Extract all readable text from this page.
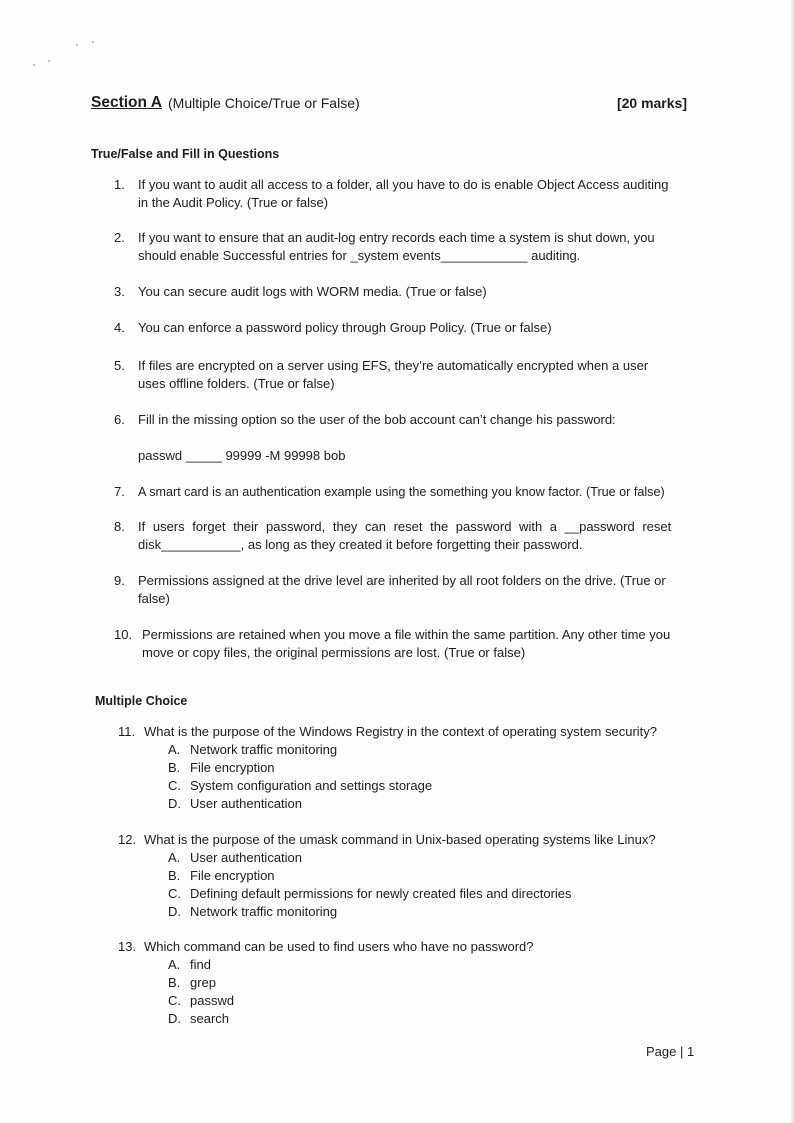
Section A (Multiple Choice/True or False)	[20 marks]
True/False and Fill in Questions
1. If you want to audit all access to a folder, all you have to do is enable Object Access auditing
in the Audit Policy. (True or false)
2. If you want to ensure that an audit-log entry records each time a system is shut down, you
should enable Successful entries for _system events____________ auditing.
3. You can secure audit logs with WORM media. (True or false)
4. You can enforce a password policy through Group Policy. (True or false)
5. If files are encrypted on a server using EFS, they’re automatically encrypted when a user
uses offline folders. (True or false)
6. Fill in the missing option so the user of the bob account can’t change his password:
passwd _____ 99999 -M 99998 bob
7. A smart card is an authentication example using the something you know factor. (True or false)
8. If users forget their password, they can reset the password with a __password reset
disk___________, as long as they created it before forgetting their password.
9. Permissions assigned at the drive level are inherited by all root folders on the drive. (True or
false)
10. Permissions are retained when you move a file within the same partition. Any other time you
move or copy files, the original permissions are lost. (True or false)
Multiple Choice
11. What is the purpose of the Windows Registry in the context of operating system security?
A. Network traffic monitoring
B. File encryption
C. System configuration and settings storage
D. User authentication
12. What is the purpose of the umask command in Unix-based operating systems like Linux?
A. User authentication
B. File encryption
C. Defining default permissions for newly created files and directories
D. Network traffic monitoring
13. Which command can be used to find users who have no password?
A. find
B. grep
C. passwd
D. search
Page | 1
